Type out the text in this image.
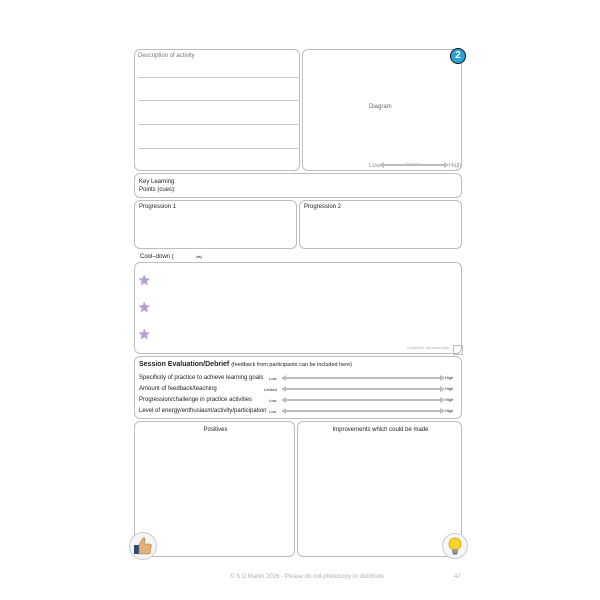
Description of activity
Diagram
Low	High
2
Key Learning
Points (cues):
Progression 1	Progression 2
Cool–down (	ols)
★
★
★
Completed: tick when done
Session Evaluation/Debrief (feedback from participants can be included here)
Specificity of practice to achieve learning goals Low	High
Amount of feedback/teaching	Limited	High
Progression/challenge in practice activities	Low	High
Level of energy/enthusiasm/activity/participation Low	High
Positives	Improvements which could be made
© S D Martin 2026 - Please do not photocopy or distribute	47
